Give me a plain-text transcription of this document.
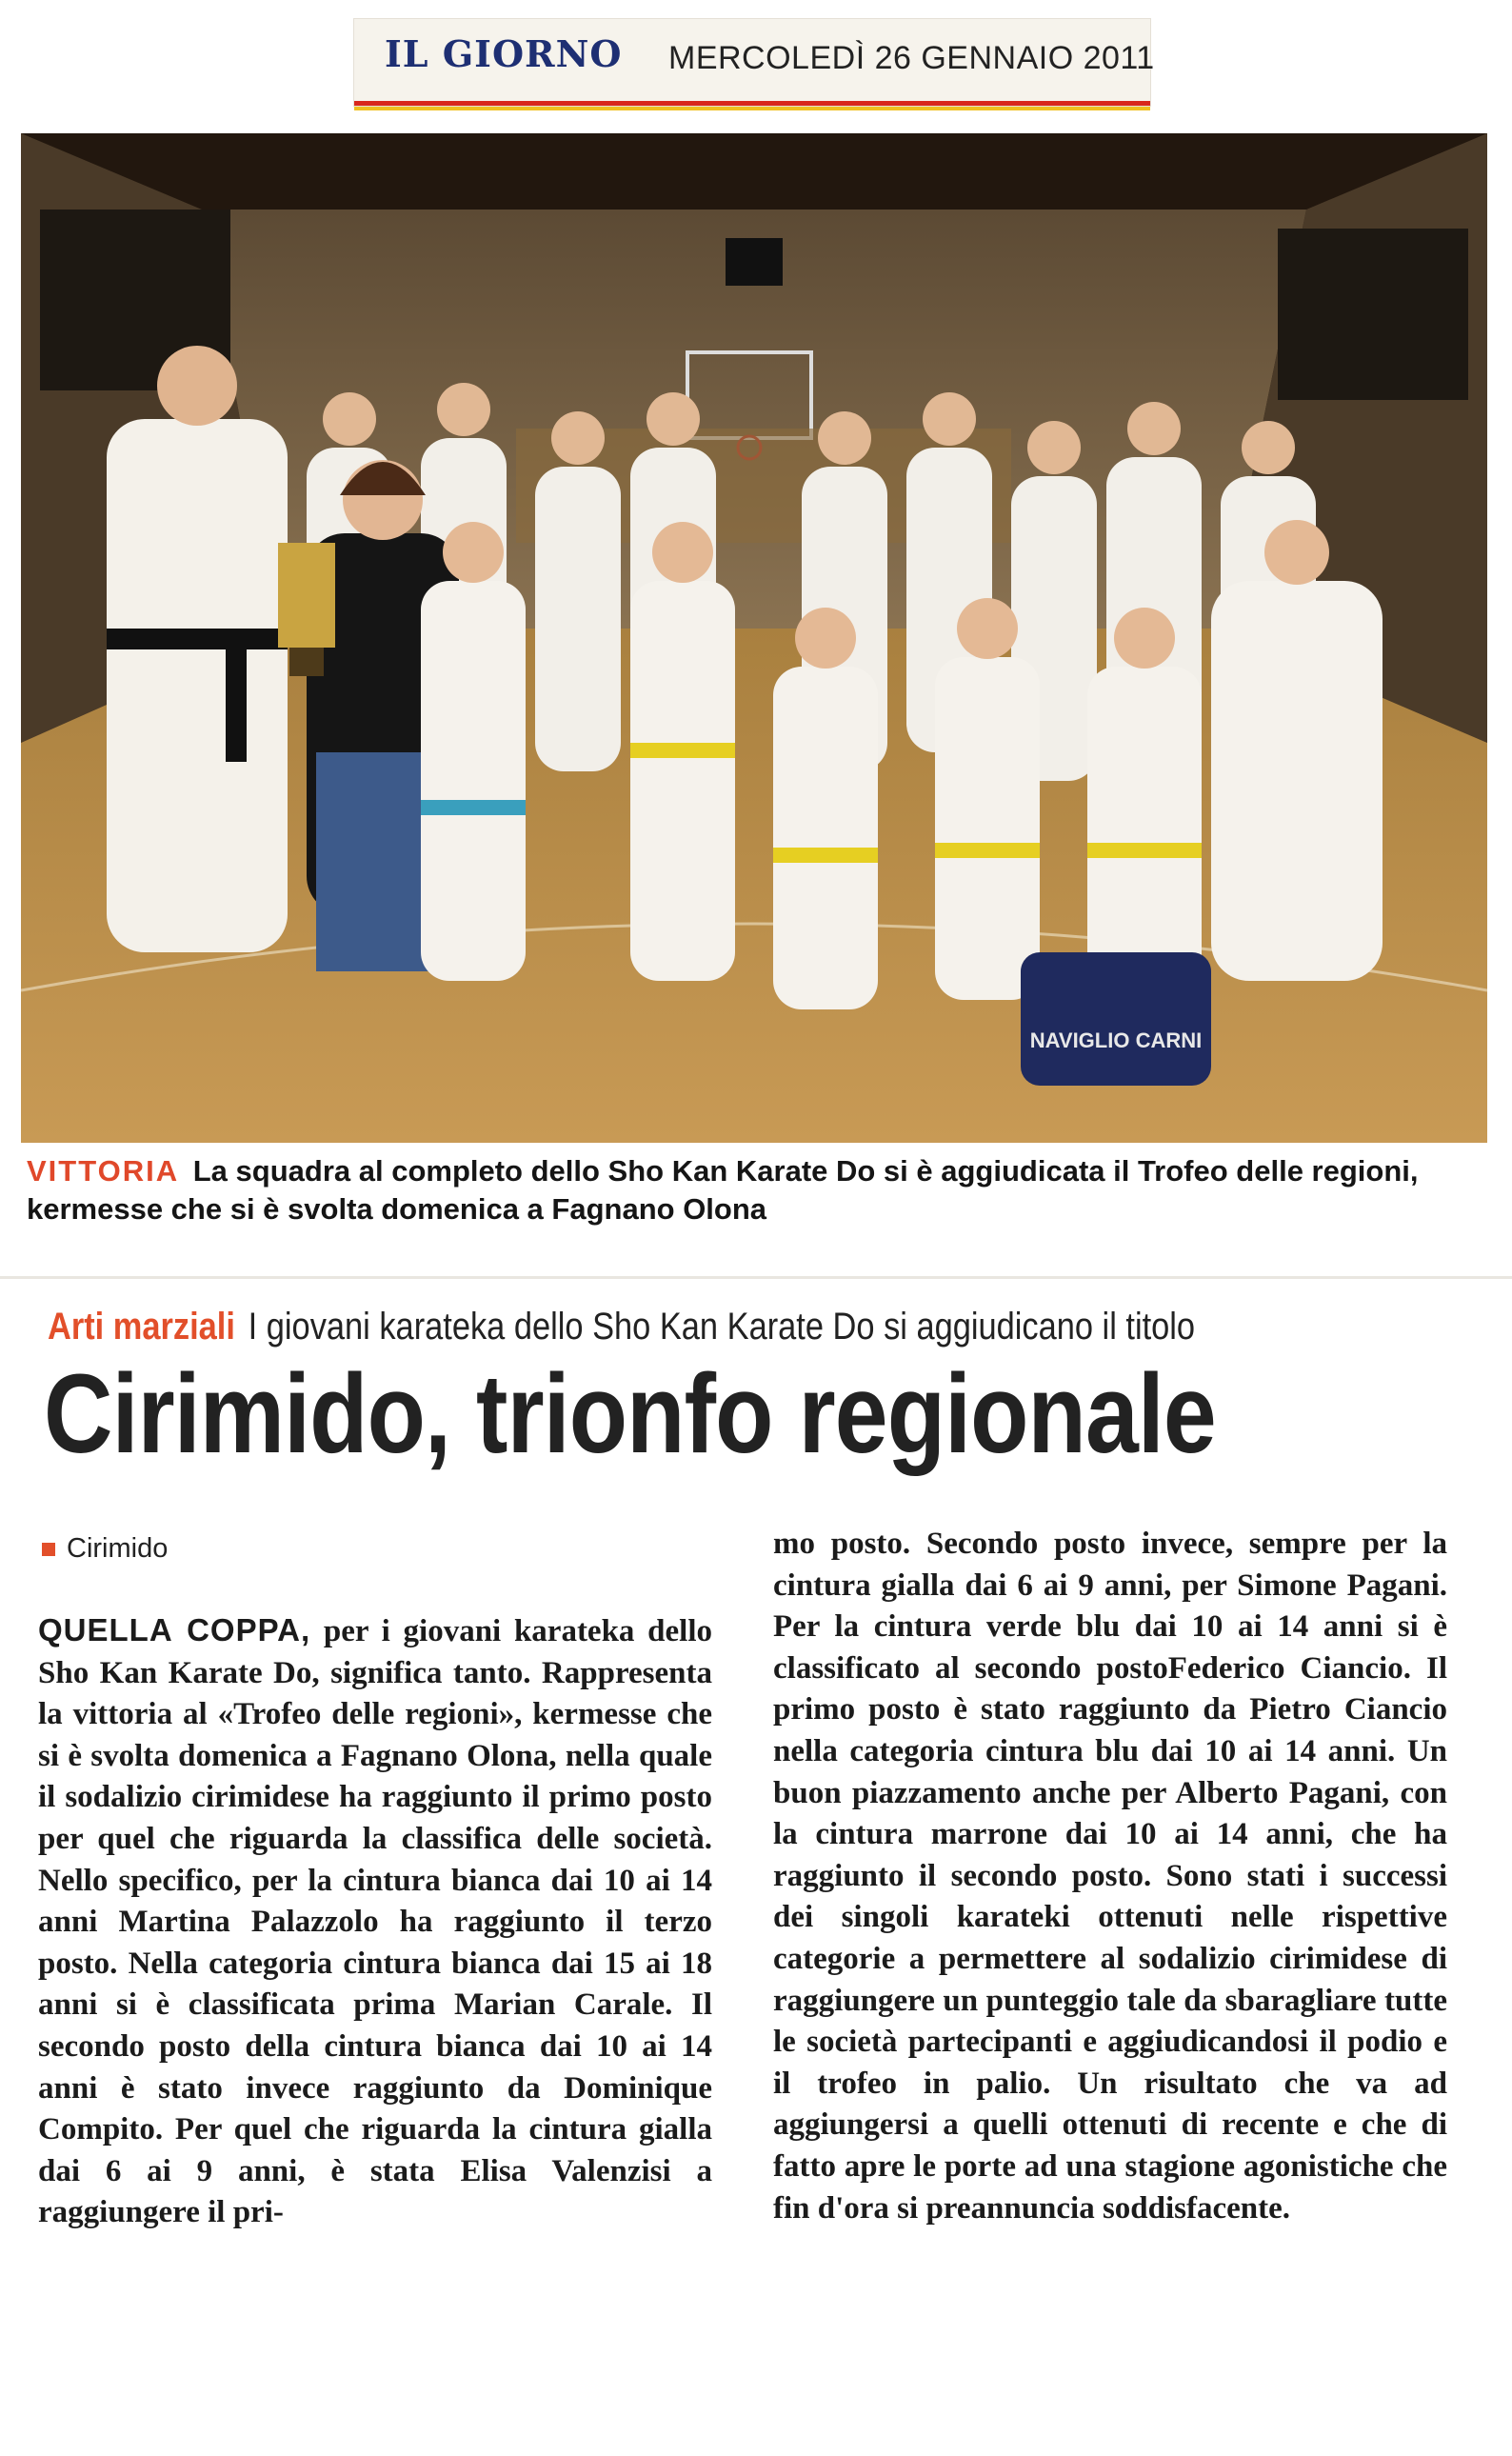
IL GIORNO MERCOLEDÌ 26 GENNAIO 2011
NAVIGLIO CARNI
VITTORIA La squadra al completo dello Sho Kan Karate Do si è aggiudicata il Trofeo delle regioni, kermesse che si è svolta domenica a Fagnano Olona
Arti marziali I giovani karateka dello Sho Kan Karate Do si aggiudicano il titolo
Cirimido, trionfo regionale
Cirimido
QUELLA COPPA, per i giovani karateka dello Sho Kan Karate Do, significa tanto. Rappresenta la vittoria al «Trofeo delle regioni», kermesse che si è svolta domenica a Fagnano Olona, nella quale il sodalizio cirimidese ha raggiunto il primo posto per quel che riguarda la classifica delle società. Nello specifico, per la cintura bianca dai 10 ai 14 anni Martina Palazzolo ha raggiunto il terzo posto. Nella categoria cintura bianca dai 15 ai 18 anni si è classificata prima Marian Carale. Il secondo posto della cintura bianca dai 10 ai 14 anni è stato invece raggiunto da Dominique Compito. Per quel che riguarda la cintura gialla dai 6 ai 9 anni, è stata Elisa Valenzisi a raggiungere il pri-
mo posto. Secondo posto invece, sempre per la cintura gialla dai 6 ai 9 anni, per Simone Pagani. Per la cintura verde blu dai 10 ai 14 anni si è classificato al secondo postoFederico Ciancio. Il primo posto è stato raggiunto da Pietro Ciancio nella categoria cintura blu dai 10 ai 14 anni. Un buon piazzamento anche per Alberto Pagani, con la cintura marrone dai 10 ai 14 anni, che ha raggiunto il secondo posto. Sono stati i successi dei singoli karateki ottenuti nelle rispettive categorie a permettere al sodalizio cirimidese di raggiungere un punteggio tale da sbaragliare tutte le società partecipanti e aggiudicandosi il podio e il trofeo in palio. Un risultato che va ad aggiungersi a quelli ottenuti di recente e che di fatto apre le porte ad una stagione agonistiche che fin d'ora si preannuncia soddisfacente.
